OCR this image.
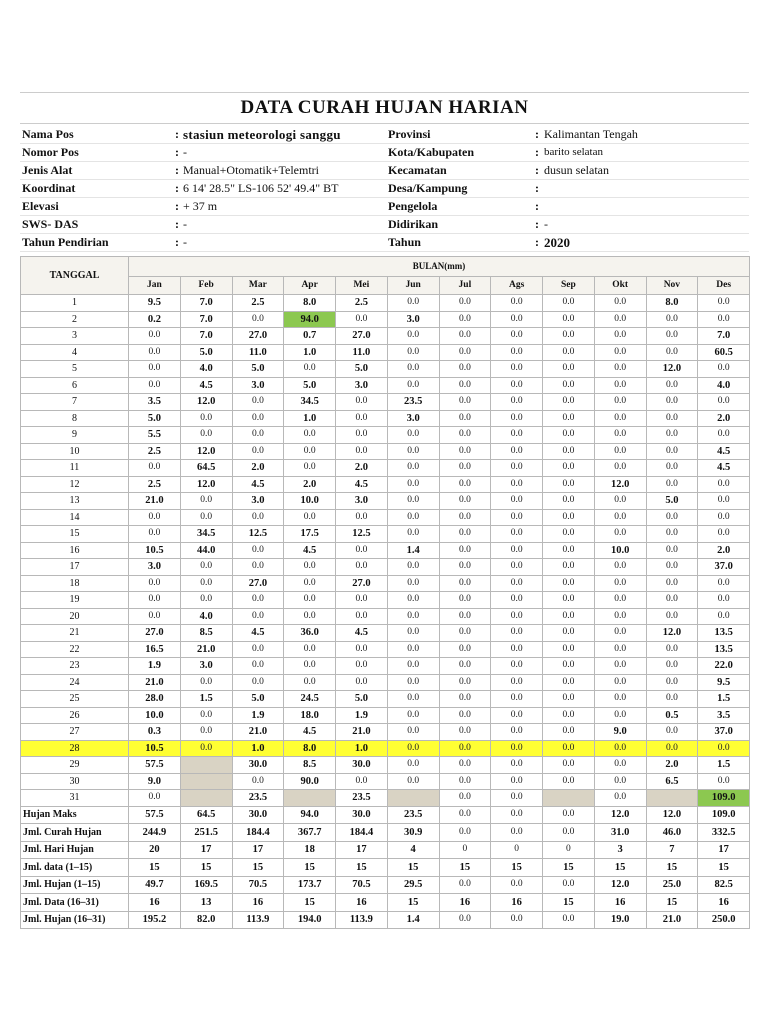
DATA CURAH HUJAN HARIAN
Nama Pos	: stasiun meteorologi sanggu	Provinsi	: Kalimantan Tengah
Nomor Pos	: -	Kota/Kabupaten	: barito selatan
Jenis Alat	: Manual+Otomatik+Telemtri	Kecamatan	: dusun selatan
Koordinat	: 6 14' 28.5" LS-106 52' 49.4" BT	Desa/Kampung	:
Elevasi	: + 37 m	Pengelola	:
SWS- DAS	: -	Didirikan	: -
Tahun Pendirian	: -	Tahun	: 2020
TANGGAL	BULAN(mm)											
	Jan	Feb	Mar	Apr	Mei	Jun	Jul	Ags	Sep	Okt	Nov	Des
1	9.5	7.0	2.5	8.0	2.5	0.0	0.0	0.0	0.0	0.0	8.0	0.0
2	0.2	7.0	0.0	94.0	0.0	3.0	0.0	0.0	0.0	0.0	0.0	0.0
3	0.0	7.0	27.0	0.7	27.0	0.0	0.0	0.0	0.0	0.0	0.0	7.0
4	0.0	5.0	11.0	1.0	11.0	0.0	0.0	0.0	0.0	0.0	0.0	60.5
5	0.0	4.0	5.0	0.0	5.0	0.0	0.0	0.0	0.0	0.0	12.0	0.0
6	0.0	4.5	3.0	5.0	3.0	0.0	0.0	0.0	0.0	0.0	0.0	4.0
7	3.5	12.0	0.0	34.5	0.0	23.5	0.0	0.0	0.0	0.0	0.0	0.0
8	5.0	0.0	0.0	1.0	0.0	3.0	0.0	0.0	0.0	0.0	0.0	2.0
9	5.5	0.0	0.0	0.0	0.0	0.0	0.0	0.0	0.0	0.0	0.0	0.0
10	2.5	12.0	0.0	0.0	0.0	0.0	0.0	0.0	0.0	0.0	0.0	4.5
11	0.0	64.5	2.0	0.0	2.0	0.0	0.0	0.0	0.0	0.0	0.0	4.5
12	2.5	12.0	4.5	2.0	4.5	0.0	0.0	0.0	0.0	12.0	0.0	0.0
13	21.0	0.0	3.0	10.0	3.0	0.0	0.0	0.0	0.0	0.0	5.0	0.0
14	0.0	0.0	0.0	0.0	0.0	0.0	0.0	0.0	0.0	0.0	0.0	0.0
15	0.0	34.5	12.5	17.5	12.5	0.0	0.0	0.0	0.0	0.0	0.0	0.0
16	10.5	44.0	0.0	4.5	0.0	1.4	0.0	0.0	0.0	10.0	0.0	2.0
17	3.0	0.0	0.0	0.0	0.0	0.0	0.0	0.0	0.0	0.0	0.0	37.0
18	0.0	0.0	27.0	0.0	27.0	0.0	0.0	0.0	0.0	0.0	0.0	0.0
19	0.0	0.0	0.0	0.0	0.0	0.0	0.0	0.0	0.0	0.0	0.0	0.0
20	0.0	4.0	0.0	0.0	0.0	0.0	0.0	0.0	0.0	0.0	0.0	0.0
21	27.0	8.5	4.5	36.0	4.5	0.0	0.0	0.0	0.0	0.0	12.0	13.5
22	16.5	21.0	0.0	0.0	0.0	0.0	0.0	0.0	0.0	0.0	0.0	13.5
23	1.9	3.0	0.0	0.0	0.0	0.0	0.0	0.0	0.0	0.0	0.0	22.0
24	21.0	0.0	0.0	0.0	0.0	0.0	0.0	0.0	0.0	0.0	0.0	9.5
25	28.0	1.5	5.0	24.5	5.0	0.0	0.0	0.0	0.0	0.0	0.0	1.5
26	10.0	0.0	1.9	18.0	1.9	0.0	0.0	0.0	0.0	0.0	0.5	3.5
27	0.3	0.0	21.0	4.5	21.0	0.0	0.0	0.0	0.0	9.0	0.0	37.0
28	10.5	0.0	1.0	8.0	1.0	0.0	0.0	0.0	0.0	0.0	0.0	0.0
29	57.5		30.0	8.5	30.0	0.0	0.0	0.0	0.0	0.0	2.0	1.5
30	9.0		0.0	90.0	0.0	0.0	0.0	0.0	0.0	0.0	6.5	0.0
31	0.0		23.5		23.5		0.0	0.0		0.0		109.0
Hujan Maks	57.5	64.5	30.0	94.0	30.0	23.5	0.0	0.0	0.0	12.0	12.0	109.0
Jml. Curah Hujan	244.9	251.5	184.4	367.7	184.4	30.9	0.0	0.0	0.0	31.0	46.0	332.5
Jml. Hari Hujan	20	17	17	18	17	4	0	0	0	3	7	17
Jml. data (1–15)	15	15	15	15	15	15	15	15	15	15	15	15
Jml. Hujan (1–15)	49.7	169.5	70.5	173.7	70.5	29.5	0.0	0.0	0.0	12.0	25.0	82.5
Jml. Data (16–31)	16	13	16	15	16	15	16	16	15	16	15	16
Jml. Hujan (16–31)	195.2	82.0	113.9	194.0	113.9	1.4	0.0	0.0	0.0	19.0	21.0	250.0
